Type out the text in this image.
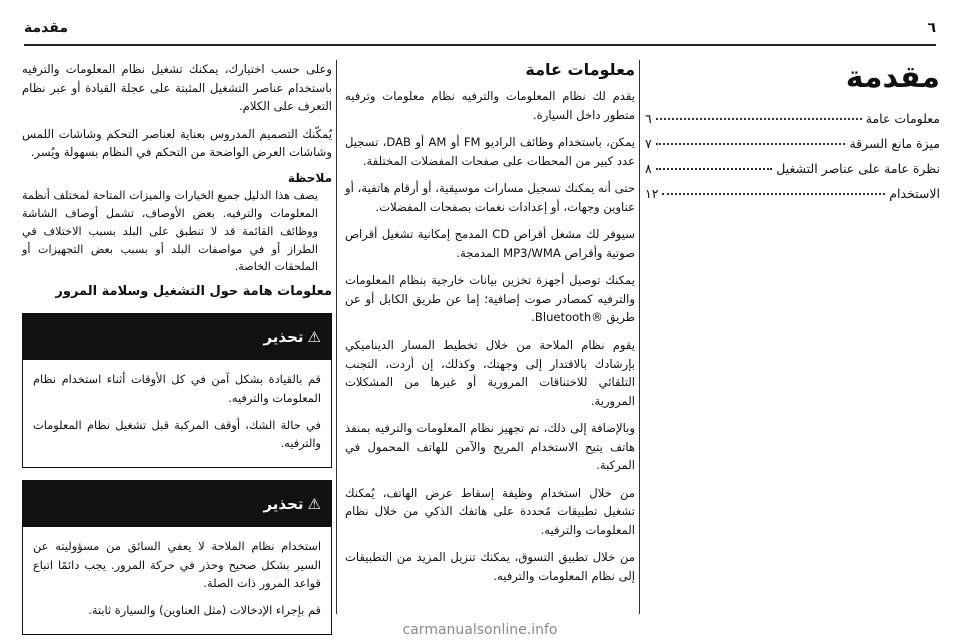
٦
مقدمة
مقدمة
معلومات عامة
٦
ميزة مانع السرقة
٧
نظرة عامة على عناصر التشغيل
٨
الاستخدام
١٢
معلومات عامة

يقدم لك نظام المعلومات والترفيه نظام معلومات وترفيه متطور داخل السيارة.

يمكن، باستخدام وظائف الراديو FM أو AM أو DAB، تسجيل عدد كبير من المحطات على صفحات المفضلات المختلفة.

حتى أنه يمكنك تسجيل مسارات موسيقية، أو أرقام هاتفية، أو عناوين وجهات، أو إعدادات نغمات بصفحات المفضلات.

سيوفر لك مشغل أقراص CD المدمج إمكانية تشغيل أقراص صوتية وأقراص MP3/WMA المدمجة.

يمكنك توصيل أجهزة تخزين بيانات خارجية بنظام المعلومات والترفيه كمصادر صوت إضافية؛ إما عن طريق الكابل أو عن طريق ®Bluetooth.

يقوم نظام الملاحة من خلال تخطيط المسار الديناميكي بإرشادك بالاقتدار إلى وجهتك، وكذلك، إن أردت، التجنب التلقائي للاختناقات المرورية أو غيرها من المشكلات المرورية.

وبالإضافة إلى ذلك، تم تجهيز نظام المعلومات والترفيه بمنفذ هاتف يتيح الاستخدام المريح والآمن للهاتف المحمول في المركبة.

من خلال استخدام وظيفة إسقاط عرض الهاتف، يُمكنك تشغيل تطبيقات مُحددة على هاتفك الذكي من خلال نظام المعلومات والترفيه.

من خلال تطبيق التسوق، يمكنك تنزيل المزيد من التطبيقات إلى نظام المعلومات والترفيه.

وعلى حسب اختيارك، يمكنك تشغيل نظام المعلومات والترفيه باستخدام عناصر التشغيل المثبتة على عجلة القيادة أو عبر نظام التعرف على الكلام.

يُمكّنك التصميم المدروس بعناية لعناصر التحكم وشاشات اللمس وشاشات العرض الواضحة من التحكم في النظام بسهولة ويُسر.

ملاحظة

يصف هذا الدليل جميع الخيارات والميزات المتاحة لمختلف أنظمة المعلومات والترفيه. بعض الأوصاف، تشمل أوصاف الشاشة ووظائف القائمة قد لا تنطبق على البلد بسبب الاختلاف في الطراز أو في مواصفات البلد أو بسبب بعض التجهيزات أو الملحقات الخاصة.

معلومات هامة حول التشغيل وسلامة المرور
⚠
تحذير

قم بالقيادة بشكل آمن في كل الأوقات أثناء استخدام نظام المعلومات والترفيه.

في حالة الشك، أوقف المركبة قبل تشغيل نظام المعلومات والترفيه.

⚠
تحذير

استخدام نظام الملاحة لا يعفي السائق من مسؤوليته عن السير بشكل صحيح وحذر في حركة المرور. يجب دائمًا اتباع قواعد المرور ذات الصلة.

قم بإجراء الإدخالات (مثل العناوين) والسيارة ثابتة.

carmanualsonline.info
